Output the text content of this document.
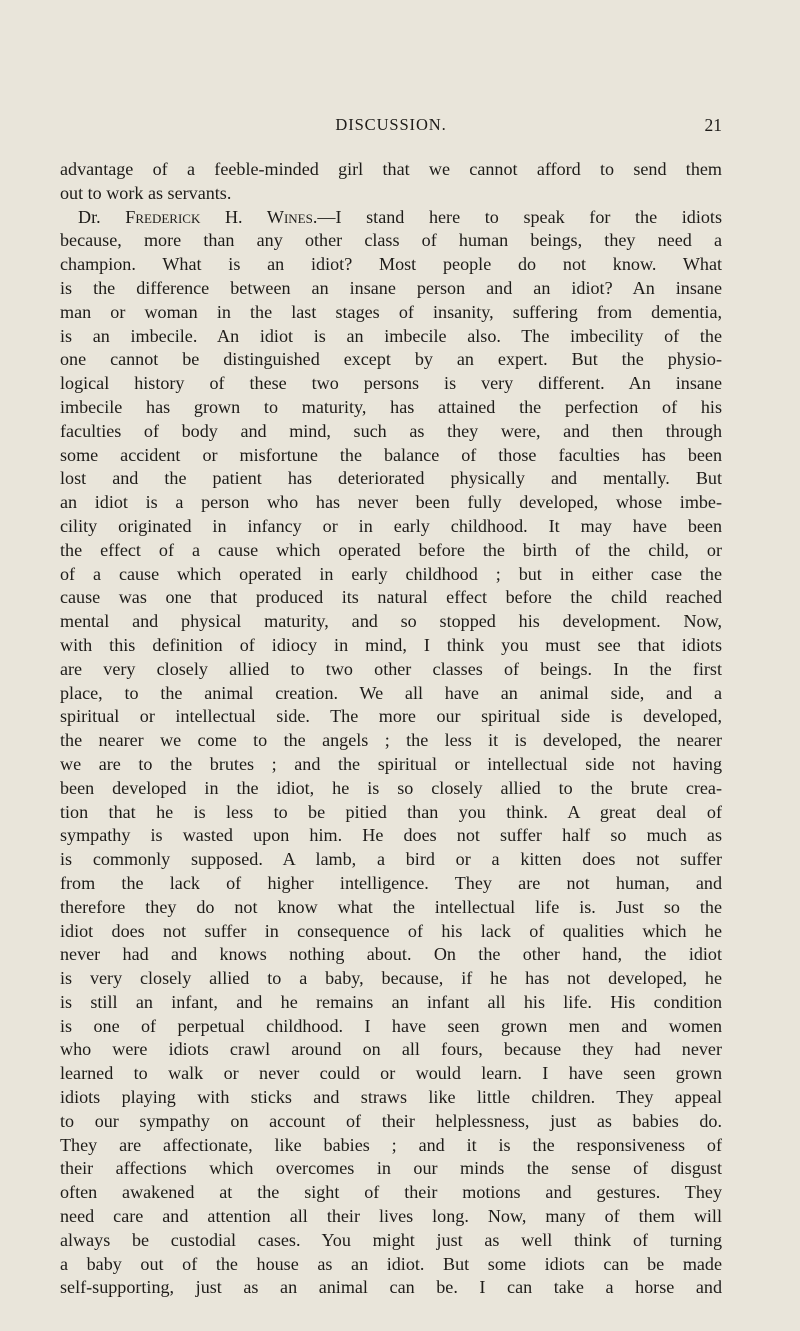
DISCUSSION.	21
advantage of a feeble-minded girl that we cannot afford to send them
out to work as servants.
Dr. Frederick H. Wines.—I stand here to speak for the idiots
because, more than any other class of human beings, they need a
champion. What is an idiot? Most people do not know. What
is the difference between an insane person and an idiot? An insane
man or woman in the last stages of insanity, suffering from dementia,
is an imbecile. An idiot is an imbecile also. The imbecility of the
one cannot be distinguished except by an expert. But the physio-
logical history of these two persons is very different. An insane
imbecile has grown to maturity, has attained the perfection of his
faculties of body and mind, such as they were, and then through
some accident or misfortune the balance of those faculties has been
lost and the patient has deteriorated physically and mentally. But
an idiot is a person who has never been fully developed, whose imbe-
cility originated in infancy or in early childhood. It may have been
the effect of a cause which operated before the birth of the child, or
of a cause which operated in early childhood ; but in either case the
cause was one that produced its natural effect before the child reached
mental and physical maturity, and so stopped his development. Now,
with this definition of idiocy in mind, I think you must see that idiots
are very closely allied to two other classes of beings. In the first
place, to the animal creation. We all have an animal side, and a
spiritual or intellectual side. The more our spiritual side is developed,
the nearer we come to the angels ; the less it is developed, the nearer
we are to the brutes ; and the spiritual or intellectual side not having
been developed in the idiot, he is so closely allied to the brute crea-
tion that he is less to be pitied than you think. A great deal of
sympathy is wasted upon him. He does not suffer half so much as
is commonly supposed. A lamb, a bird or a kitten does not suffer
from the lack of higher intelligence. They are not human, and
therefore they do not know what the intellectual life is. Just so the
idiot does not suffer in consequence of his lack of qualities which he
never had and knows nothing about. On the other hand, the idiot
is very closely allied to a baby, because, if he has not developed, he
is still an infant, and he remains an infant all his life. His condition
is one of perpetual childhood. I have seen grown men and women
who were idiots crawl around on all fours, because they had never
learned to walk or never could or would learn. I have seen grown
idiots playing with sticks and straws like little children. They appeal
to our sympathy on account of their helplessness, just as babies do.
They are affectionate, like babies ; and it is the responsiveness of
their affections which overcomes in our minds the sense of disgust
often awakened at the sight of their motions and gestures. They
need care and attention all their lives long. Now, many of them will
always be custodial cases. You might just as well think of turning
a baby out of the house as an idiot. But some idiots can be made
self-supporting, just as an animal can be. I can take a horse and
